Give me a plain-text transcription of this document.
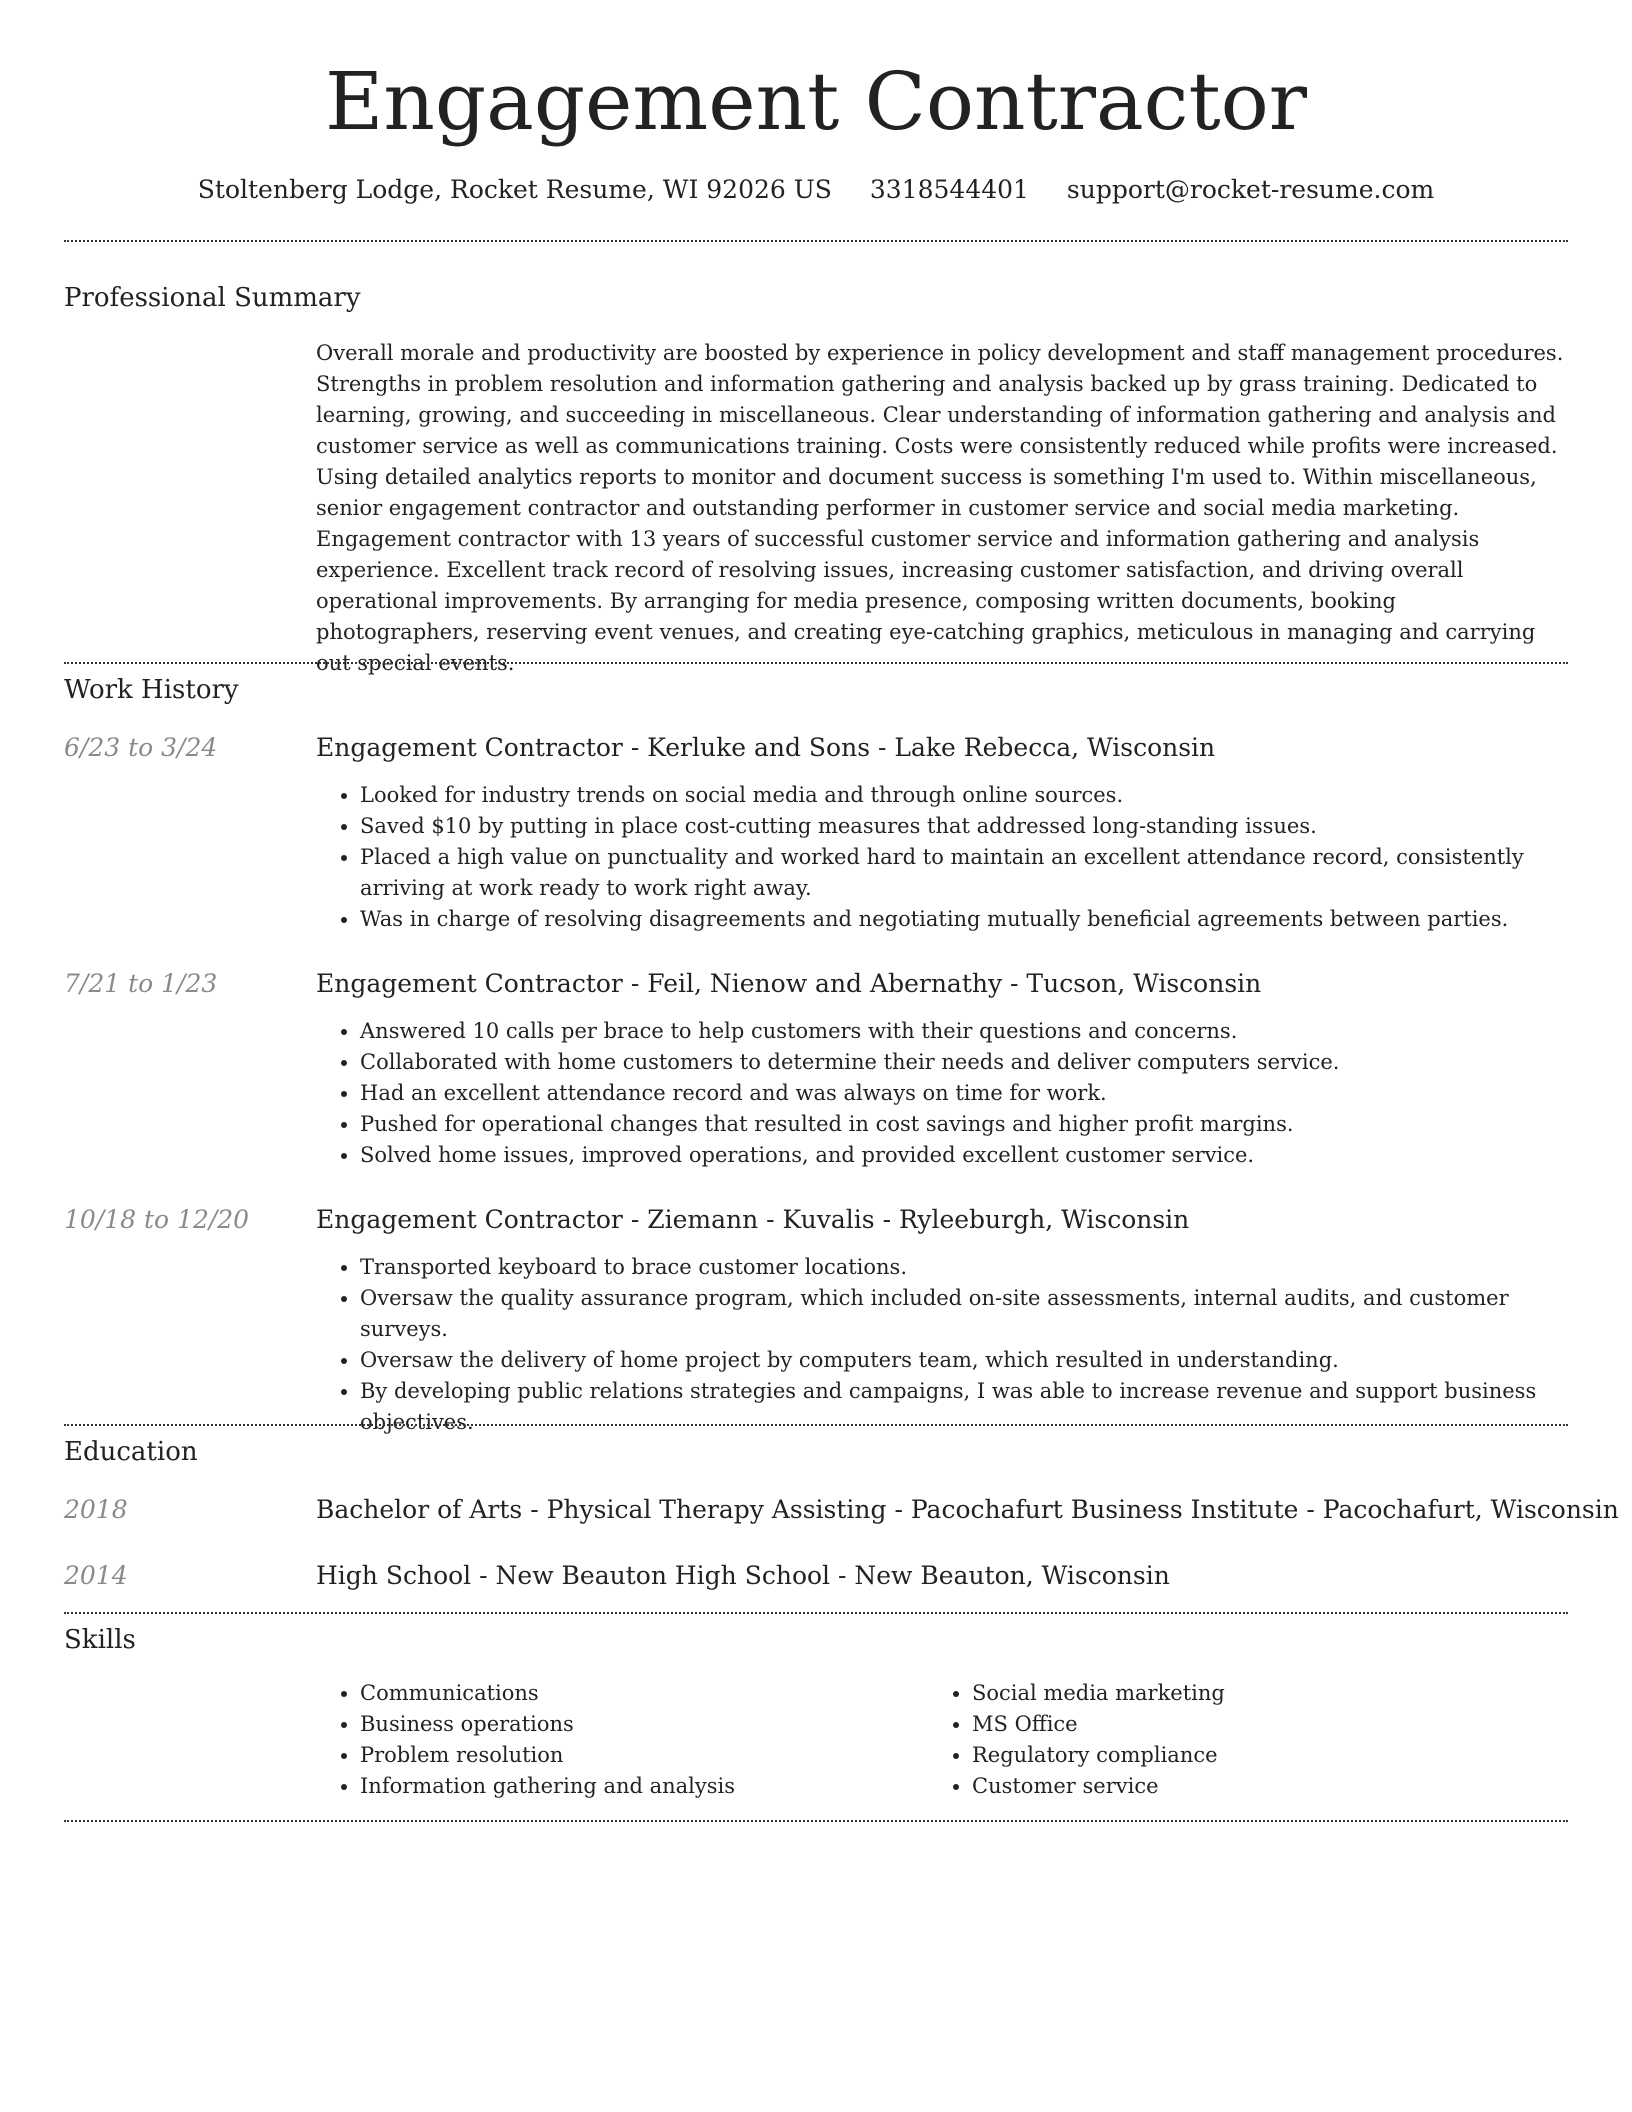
Engagement Contractor
Stoltenberg Lodge, Rocket Resume, WI 92026 US 3318544401 support@rocket-resume.com
Professional Summary

Overall morale and productivity are boosted by experience in policy development and staff management procedures. Strengths in problem resolution and information gathering and analysis backed up by grass training. Dedicated to learning, growing, and succeeding in miscellaneous. Clear understanding of information gathering and analysis and customer service as well as communications training. Costs were consistently reduced while profits were increased. Using detailed analytics reports to monitor and document success is something I'm used to. Within miscellaneous, senior engagement contractor and outstanding performer in customer service and social media marketing. Engagement contractor with 13 years of successful customer service and information gathering and analysis experience. Excellent track record of resolving issues, increasing customer satisfaction, and driving overall operational improvements. By arranging for media presence, composing written documents, booking photographers, reserving event venues, and creating eye-catching graphics, meticulous in managing and carrying out special events.

Work History
6/23 to 3/24	Engagement Contractor - Kerluke and Sons - Lake Rebecca, Wisconsin
• Looked for industry trends on social media and through online sources.
• Saved $10 by putting in place cost-cutting measures that addressed long-standing issues.
• Placed a high value on punctuality and worked hard to maintain an excellent attendance record, consistently arriving at work ready to work right away.
• Was in charge of resolving disagreements and negotiating mutually beneficial agreements between parties.
7/21 to 1/23	Engagement Contractor - Feil, Nienow and Abernathy - Tucson, Wisconsin
• Answered 10 calls per brace to help customers with their questions and concerns.
• Collaborated with home customers to determine their needs and deliver computers service.
• Had an excellent attendance record and was always on time for work.
• Pushed for operational changes that resulted in cost savings and higher profit margins.
• Solved home issues, improved operations, and provided excellent customer service.
10/18 to 12/20	Engagement Contractor - Ziemann - Kuvalis - Ryleeburgh, Wisconsin
• Transported keyboard to brace customer locations.
• Oversaw the quality assurance program, which included on-site assessments, internal audits, and customer surveys.
• Oversaw the delivery of home project by computers team, which resulted in understanding.
• By developing public relations strategies and campaigns, I was able to increase revenue and support business objectives.
Education
2018	Bachelor of Arts - Physical Therapy Assisting - Pacochafurt Business Institute - Pacochafurt, Wisconsin
2014	High School - New Beauton High School - New Beauton, Wisconsin
Skills
• Communications
• Business operations
• Problem resolution
• Information gathering and analysis
• Social media marketing
• MS Office
• Regulatory compliance
• Customer service
